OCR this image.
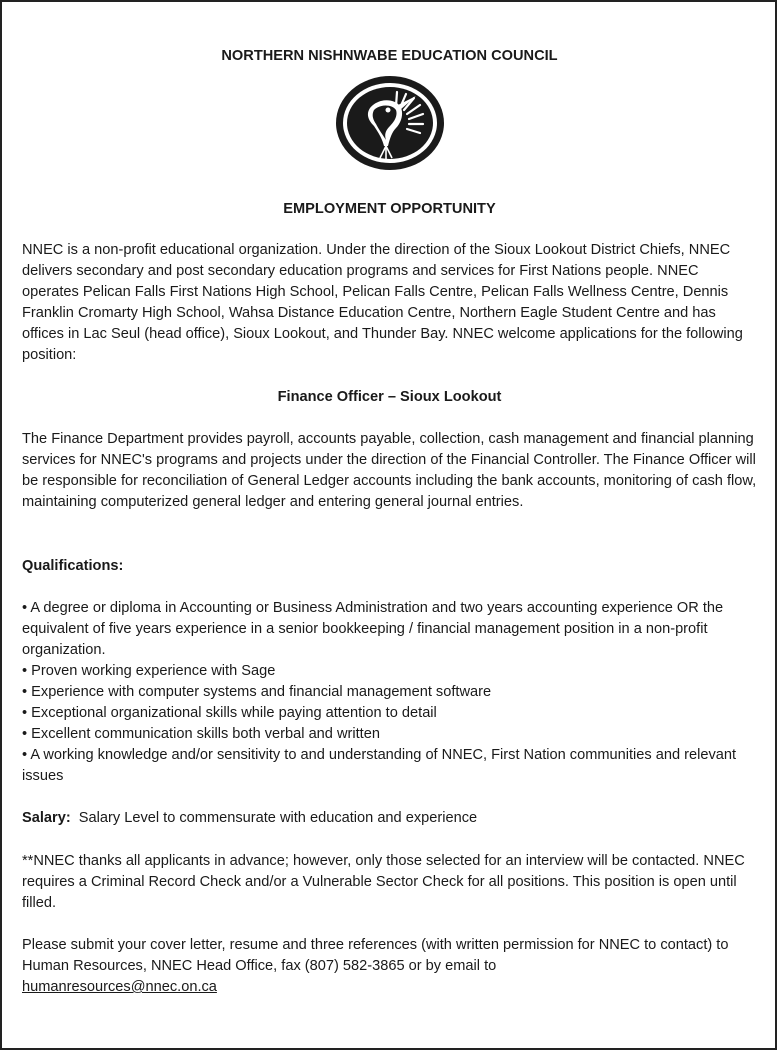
NORTHERN NISHNWABE EDUCATION COUNCIL

EMPLOYMENT OPPORTUNITY

NNEC is a non-profit educational organization. Under the direction of the Sioux Lookout District Chiefs, NNEC delivers secondary and post secondary education programs and services for First Nations people. NNEC operates Pelican Falls First Nations High School, Pelican Falls Centre, Pelican Falls Wellness Centre, Dennis Franklin Cromarty High School, Wahsa Distance Education Centre, Northern Eagle Student Centre and has offices in Lac Seul (head office), Sioux Lookout, and Thunder Bay. NNEC welcome applications for the following position:

Finance Officer – Sioux Lookout

The Finance Department provides payroll, accounts payable, collection, cash management and financial planning services for NNEC's programs and projects under the direction of the Financial Controller. The Finance Officer will be responsible for reconciliation of General Ledger accounts including the bank accounts, monitoring of cash flow, maintaining computerized general ledger and entering general journal entries.

Qualifications:

• A degree or diploma in Accounting or Business Administration and two years accounting experience OR the equivalent of five years experience in a senior bookkeeping / financial management position in a non-profit organization.
• Proven working experience with Sage
• Experience with computer systems and financial management software
• Exceptional organizational skills while paying attention to detail
• Excellent communication skills both verbal and written
• A working knowledge and/or sensitivity to and understanding of NNEC, First Nation communities and relevant issues

Salary:  Salary Level to commensurate with education and experience

**NNEC thanks all applicants in advance; however, only those selected for an interview will be contacted. NNEC requires a Criminal Record Check and/or a Vulnerable Sector Check for all positions. This position is open until filled.

Please submit your cover letter, resume and three references (with written permission for NNEC to contact) to Human Resources, NNEC Head Office, fax (807) 582-3865 or by email to
humanresources@nnec.on.ca
